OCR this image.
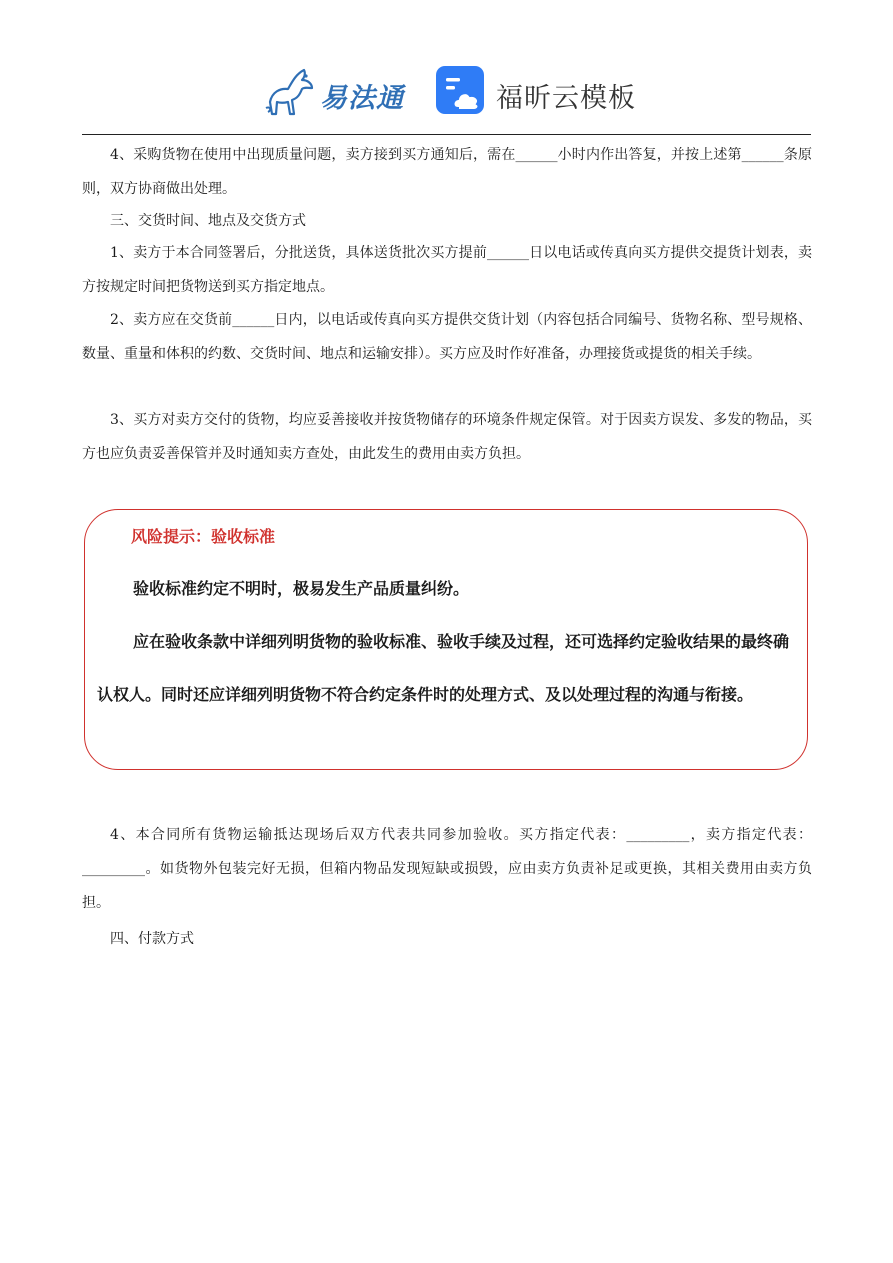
易法通	福昕云模板

4、采购货物在使用中出现质量问题，卖方接到买方通知后，需在______小时内作出答复，并按上述第______条原则，双方协商做出处理。

三、交货时间、地点及交货方式

1、卖方于本合同签署后，分批送货，具体送货批次买方提前______日以电话或传真向买方提供交提货计划表，卖方按规定时间把货物送到买方指定地点。

2、卖方应在交货前______日内，以电话或传真向买方提供交货计划（内容包括合同编号、货物名称、型号规格、数量、重量和体积的约数、交货时间、地点和运输安排）。买方应及时作好准备，办理接货或提货的相关手续。

3、买方对卖方交付的货物，均应妥善接收并按货物储存的环境条件规定保管。对于因卖方误发、多发的物品，买方也应负责妥善保管并及时通知卖方查处，由此发生的费用由卖方负担。

风险提示：验收标准

验收标准约定不明时，极易发生产品质量纠纷。
应在验收条款中详细列明货物的验收标准、验收手续及过程，还可选择约定验收结果的最终确认权人。同时还应详细列明货物不符合约定条件时的处理方式、及以处理过程的沟通与衔接。

4、本合同所有货物运输抵达现场后双方代表共同参加验收。买方指定代表：_________，卖方指定代表：_________。如货物外包装完好无损，但箱内物品发现短缺或损毁，应由卖方负责补足或更换，其相关费用由卖方负担。

四、付款方式
